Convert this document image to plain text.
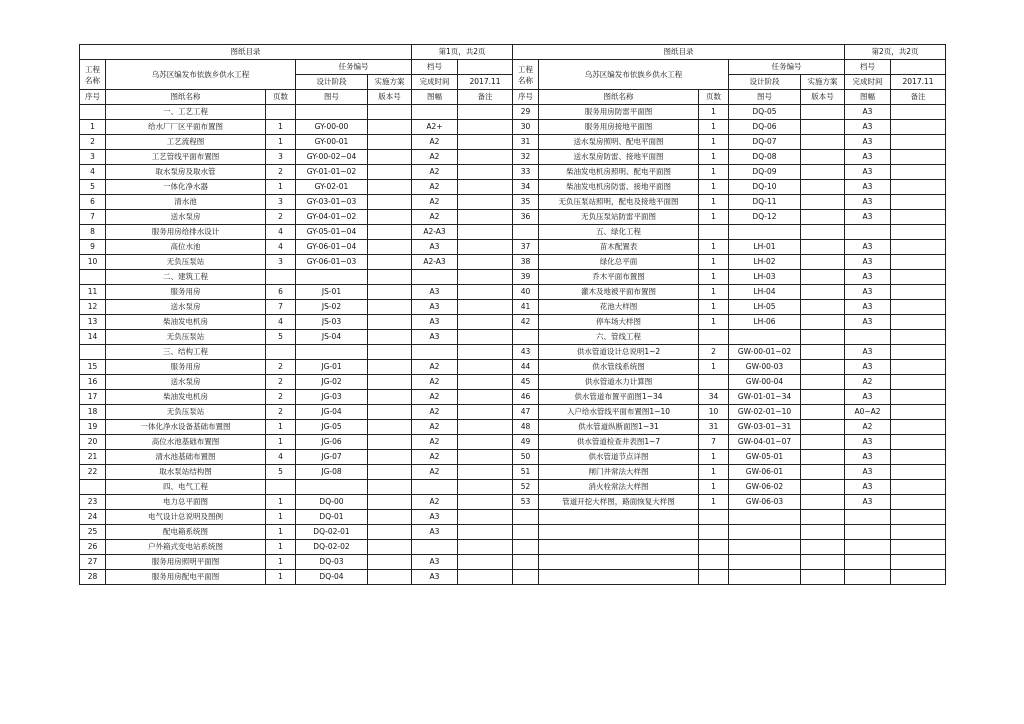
图纸目录					第1页，共2页	
工程名称	乌苏区编发布依族乡供水工程		任务编号		档号	
			设计阶段	实施方案	完成时间	2017.11
序号	图纸名称	页数	图号	版本号	图幅	备注
	一、工艺工程					
1	给水厂厂区平面布置图	1	GY-00-00		A2+	
2	工艺流程图	1	GY-00-01		A2	
3	工艺管线平面布置图	3	GY-00-02~04		A2	
4	取水泵房及取水管	2	GY-01-01~02		A2	
5	一体化净水器	1	GY-02-01		A2	
6	清水池	3	GY-03-01~03		A2	
7	送水泵房	2	GY-04-01~02		A2	
8	服务用房给排水设计	4	GY-05-01~04		A2-A3	
9	高位水池	4	GY-06-01~04		A3	
10	无负压泵站	3	GY-06-01~03		A2-A3	
	二、建筑工程					
11	服务用房	6	JS-01		A3	
12	送水泵房	7	JS-02		A3	
13	柴油发电机房	4	JS-03		A3	
14	无负压泵站	5	JS-04		A3	
	三、结构工程					
15	服务用房	2	JG-01		A2	
16	送水泵房	2	JG-02		A2	
17	柴油发电机房	2	JG-03		A2	
18	无负压泵站	2	JG-04		A2	
19	一体化净水设备基础布置图	1	JG-05		A2	
20	高位水池基础布置图	1	JG-06		A2	
21	清水池基础布置图	4	JG-07		A2	
22	取水泵站结构图	5	JG-08		A2	
	四、电气工程					
23	电力总平面图	1	DQ-00		A2	
24	电气设计总说明及图例	1	DQ-01		A3	
25	配电箱系统图	1	DQ-02-01		A3	
26	户外箱式变电站系统图	1	DQ-02-02			
27	服务用房照明平面图	1	DQ-03		A3	
28	服务用房配电平面图	1	DQ-04		A3	
图纸目录					第2页，共2页	
工程名称	乌苏区编发布依族乡供水工程		任务编号		档号	
			设计阶段	实施方案	完成时间	2017.11
序号	图纸名称	页数	图号	版本号	图幅	备注
29	服务用房防雷平面图	1	DQ-05		A3	
30	服务用房接地平面图	1	DQ-06		A3	
31	送水泵房照明、配电平面图	1	DQ-07		A3	
32	送水泵房防雷、接地平面图	1	DQ-08		A3	
33	柴油发电机房照明、配电平面图	1	DQ-09		A3	
34	柴油发电机房防雷、接地平面图	1	DQ-10		A3	
35	无负压泵站照明，配电及接地平面图	1	DQ-11		A3	
36	无负压泵站防雷平面图	1	DQ-12		A3	
	五、绿化工程					
37	苗木配置表	1	LH-01		A3	
38	绿化总平面	1	LH-02		A3	
39	乔木平面布置图	1	LH-03		A3	
40	灌木及地被平面布置图	1	LH-04		A3	
41	花池大样图	1	LH-05		A3	
42	停车场大样图	1	LH-06		A3	
	六、管线工程					
43	供水管道设计总说明1~2	2	GW-00-01~02		A3	
44	供水管线系统图	1	GW-00-03		A3	
45	供水管道水力计算图		GW-00-04		A2	
46	供水管道布置平面图1~34	34	GW-01-01~34		A3	
47	入户给水管线平面布置图1~10	10	GW-02-01~10		A0~A2	
48	供水管道纵断面图1~31	31	GW-03-01~31		A2	
49	供水管道检查井表图1~7	7	GW-04-01~07		A3	
50	供水管道节点详图	1	GW-05-01		A3	
51	闸门井常法大样图	1	GW-06-01		A3	
52	消火栓常法大样图	1	GW-06-02		A3	
53	管道开挖大样图，路面恢复大样图	1	GW-06-03		A3	
